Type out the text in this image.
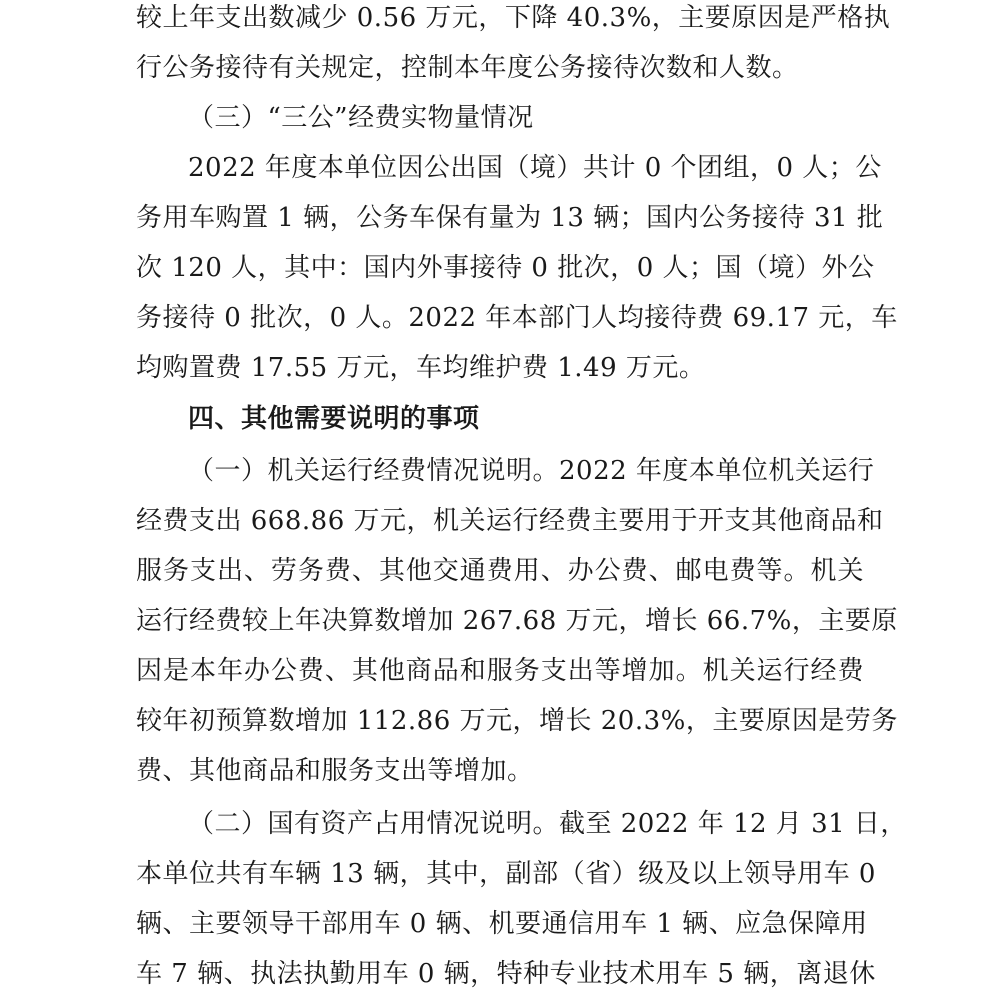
较上年支出数减少 0.56 万元，下降 40.3%，主要原因是严格执
行公务接待有关规定，控制本年度公务接待次数和人数。
（三）“三公”经费实物量情况
2022 年度本单位因公出国（境）共计 0 个团组，0 人；公
务用车购置 1 辆，公务车保有量为 13 辆；国内公务接待 31 批
次 120 人，其中：国内外事接待 0 批次，0 人；国（境）外公
务接待 0 批次，0 人。2022 年本部门人均接待费 69.17 元，车
均购置费 17.55 万元，车均维护费 1.49 万元。
四、其他需要说明的事项
（一）机关运行经费情况说明。2022 年度本单位机关运行
经费支出 668.86 万元，机关运行经费主要用于开支其他商品和
服务支出、劳务费、其他交通费用、办公费、邮电费等。机关
运行经费较上年决算数增加 267.68 万元，增长 66.7%，主要原
因是本年办公费、其他商品和服务支出等增加。机关运行经费
较年初预算数增加 112.86 万元，增长 20.3%，主要原因是劳务
费、其他商品和服务支出等增加。
（二）国有资产占用情况说明。截至 2022 年 12 月 31 日，
本单位共有车辆 13 辆，其中，副部（省）级及以上领导用车 0
辆、主要领导干部用车 0 辆、机要通信用车 1 辆、应急保障用
车 7 辆、执法执勤用车 0 辆，特种专业技术用车 5 辆，离退休
